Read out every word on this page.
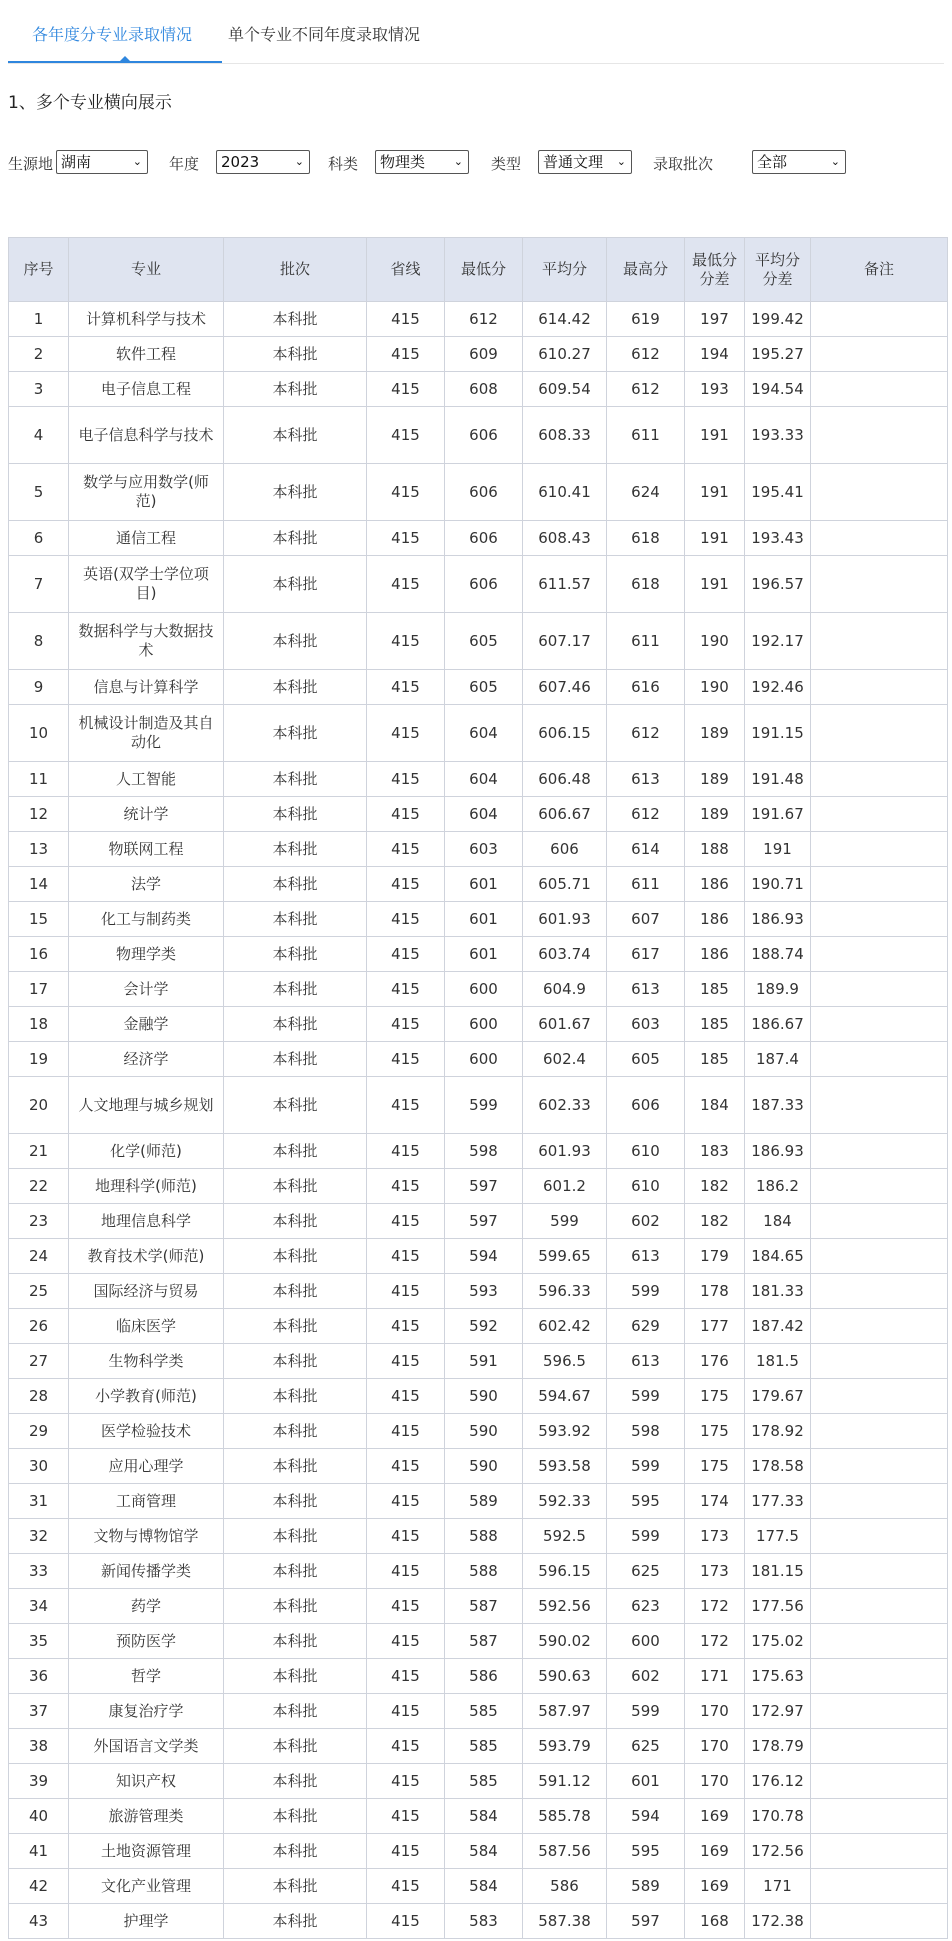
各年度分专业录取情况 单个专业不同年度录取情况
1、多个专业横向展示
生源地 湖南	⌄ 年度	2023	⌄ 科类	物理类	⌄ 类型	普通文理 ⌄ 录取批次	全部	⌄
序号	专业	批次	省线	最低分	平均分	最高分	最低分分差	平均分分差	备注
1	计算机科学与技术	本科批	415	612	614.42	619	197	199.42	
2	软件工程	本科批	415	609	610.27	612	194	195.27	
3	电子信息工程	本科批	415	608	609.54	612	193	194.54	
4	电子信息科学与技术	本科批	415	606	608.33	611	191	193.33	
5	数学与应用数学(师范)	本科批	415	606	610.41	624	191	195.41	
6	通信工程	本科批	415	606	608.43	618	191	193.43	
7	英语(双学士学位项目)	本科批	415	606	611.57	618	191	196.57	
8	数据科学与大数据技术	本科批	415	605	607.17	611	190	192.17	
9	信息与计算科学	本科批	415	605	607.46	616	190	192.46	
10	机械设计制造及其自动化	本科批	415	604	606.15	612	189	191.15	
11	人工智能	本科批	415	604	606.48	613	189	191.48	
12	统计学	本科批	415	604	606.67	612	189	191.67	
13	物联网工程	本科批	415	603	606	614	188	191	
14	法学	本科批	415	601	605.71	611	186	190.71	
15	化工与制药类	本科批	415	601	601.93	607	186	186.93	
16	物理学类	本科批	415	601	603.74	617	186	188.74	
17	会计学	本科批	415	600	604.9	613	185	189.9	
18	金融学	本科批	415	600	601.67	603	185	186.67	
19	经济学	本科批	415	600	602.4	605	185	187.4	
20	人文地理与城乡规划	本科批	415	599	602.33	606	184	187.33	
21	化学(师范)	本科批	415	598	601.93	610	183	186.93	
22	地理科学(师范)	本科批	415	597	601.2	610	182	186.2	
23	地理信息科学	本科批	415	597	599	602	182	184	
24	教育技术学(师范)	本科批	415	594	599.65	613	179	184.65	
25	国际经济与贸易	本科批	415	593	596.33	599	178	181.33	
26	临床医学	本科批	415	592	602.42	629	177	187.42	
27	生物科学类	本科批	415	591	596.5	613	176	181.5	
28	小学教育(师范)	本科批	415	590	594.67	599	175	179.67	
29	医学检验技术	本科批	415	590	593.92	598	175	178.92	
30	应用心理学	本科批	415	590	593.58	599	175	178.58	
31	工商管理	本科批	415	589	592.33	595	174	177.33	
32	文物与博物馆学	本科批	415	588	592.5	599	173	177.5	
33	新闻传播学类	本科批	415	588	596.15	625	173	181.15	
34	药学	本科批	415	587	592.56	623	172	177.56	
35	预防医学	本科批	415	587	590.02	600	172	175.02	
36	哲学	本科批	415	586	590.63	602	171	175.63	
37	康复治疗学	本科批	415	585	587.97	599	170	172.97	
38	外国语言文学类	本科批	415	585	593.79	625	170	178.79	
39	知识产权	本科批	415	585	591.12	601	170	176.12	
40	旅游管理类	本科批	415	584	585.78	594	169	170.78	
41	土地资源管理	本科批	415	584	587.56	595	169	172.56	
42	文化产业管理	本科批	415	584	586	589	169	171	
43	护理学	本科批	415	583	587.38	597	168	172.38	
